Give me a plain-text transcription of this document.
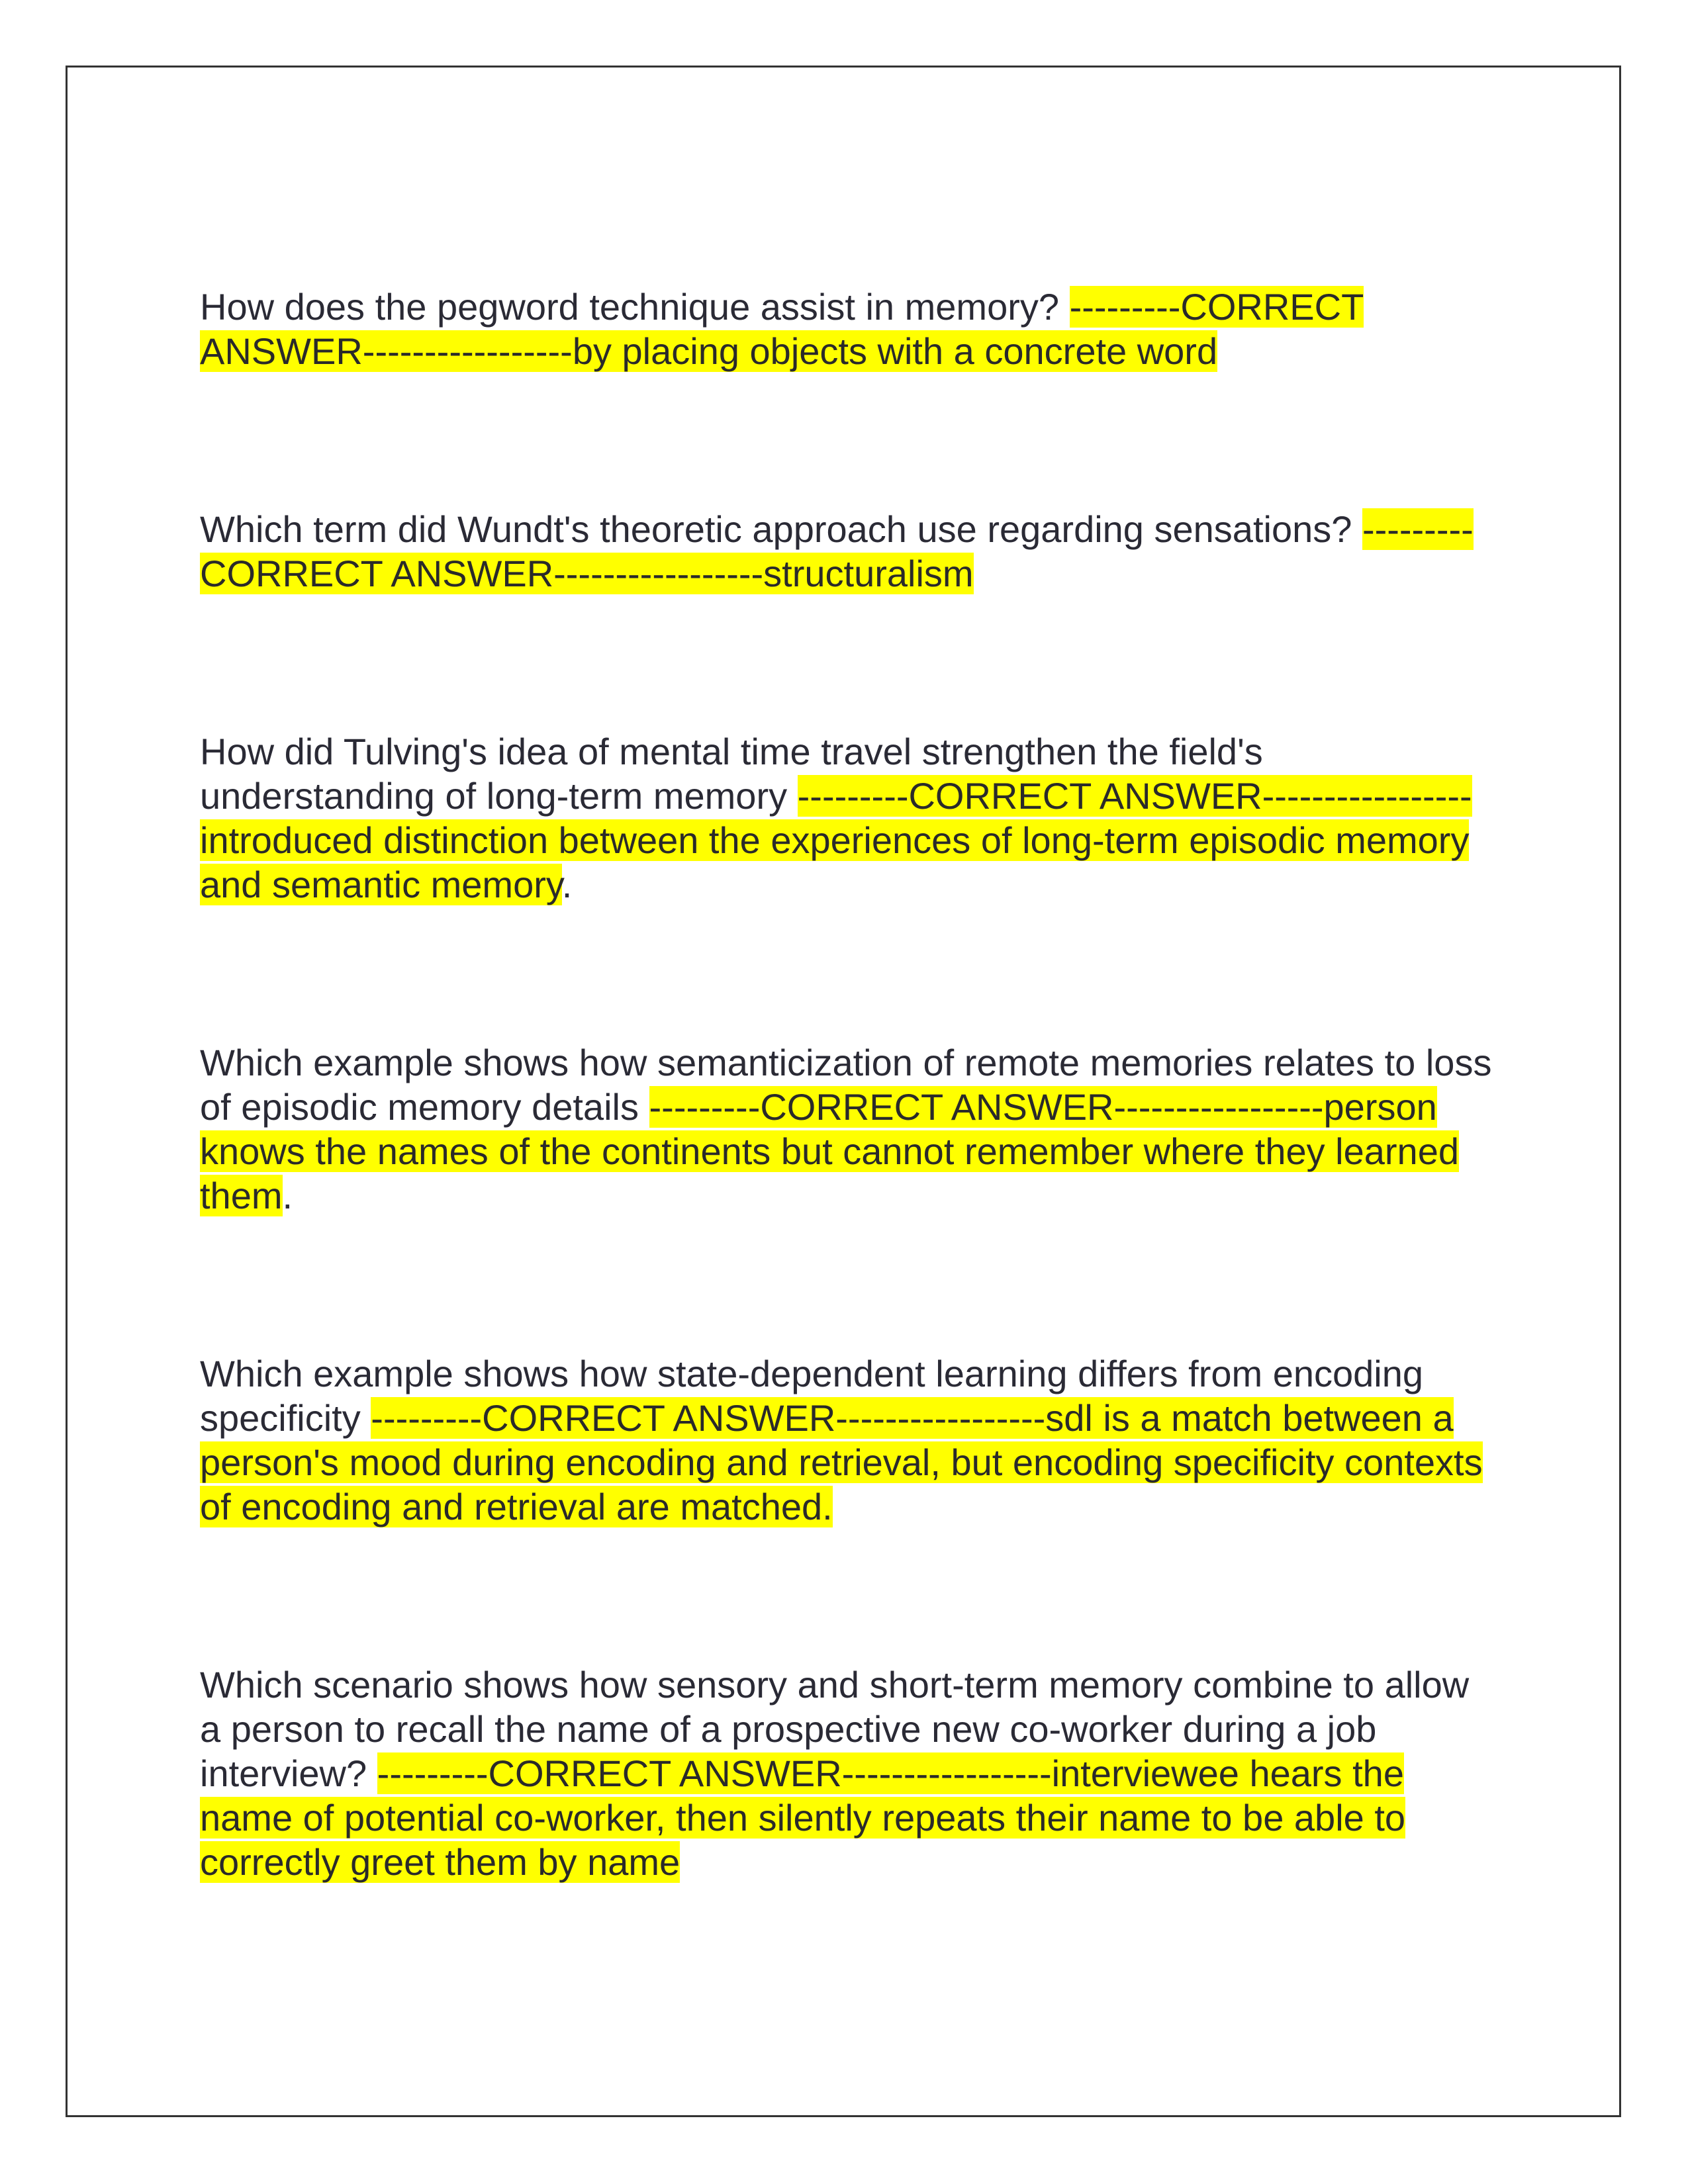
How does the pegword technique assist in memory? ---------CORRECT ANSWER-----------------by placing objects with a concrete word

Which term did Wundt's theoretic approach use regarding sensations? ---------CORRECT ANSWER-----------------structuralism

How did Tulving's idea of mental time travel strengthen the field's understanding of long-term memory ---------CORRECT ANSWER-----------------introduced distinction between the experiences of long-term episodic memory and semantic memory.

Which example shows how semanticization of remote memories relates to loss of episodic memory details ---------CORRECT ANSWER-----------------person knows the names of the continents but cannot remember where they learned them.

Which example shows how state-dependent learning differs from encoding specificity ---------CORRECT ANSWER-----------------sdl is a match between a person's mood during encoding and retrieval, but encoding specificity contexts of encoding and retrieval are matched.

Which scenario shows how sensory and short-term memory combine to allow a person to recall the name of a prospective new co-worker during a job interview? ---------CORRECT ANSWER-----------------interviewee hears the name of potential co-worker, then silently repeats their name to be able to correctly greet them by name
